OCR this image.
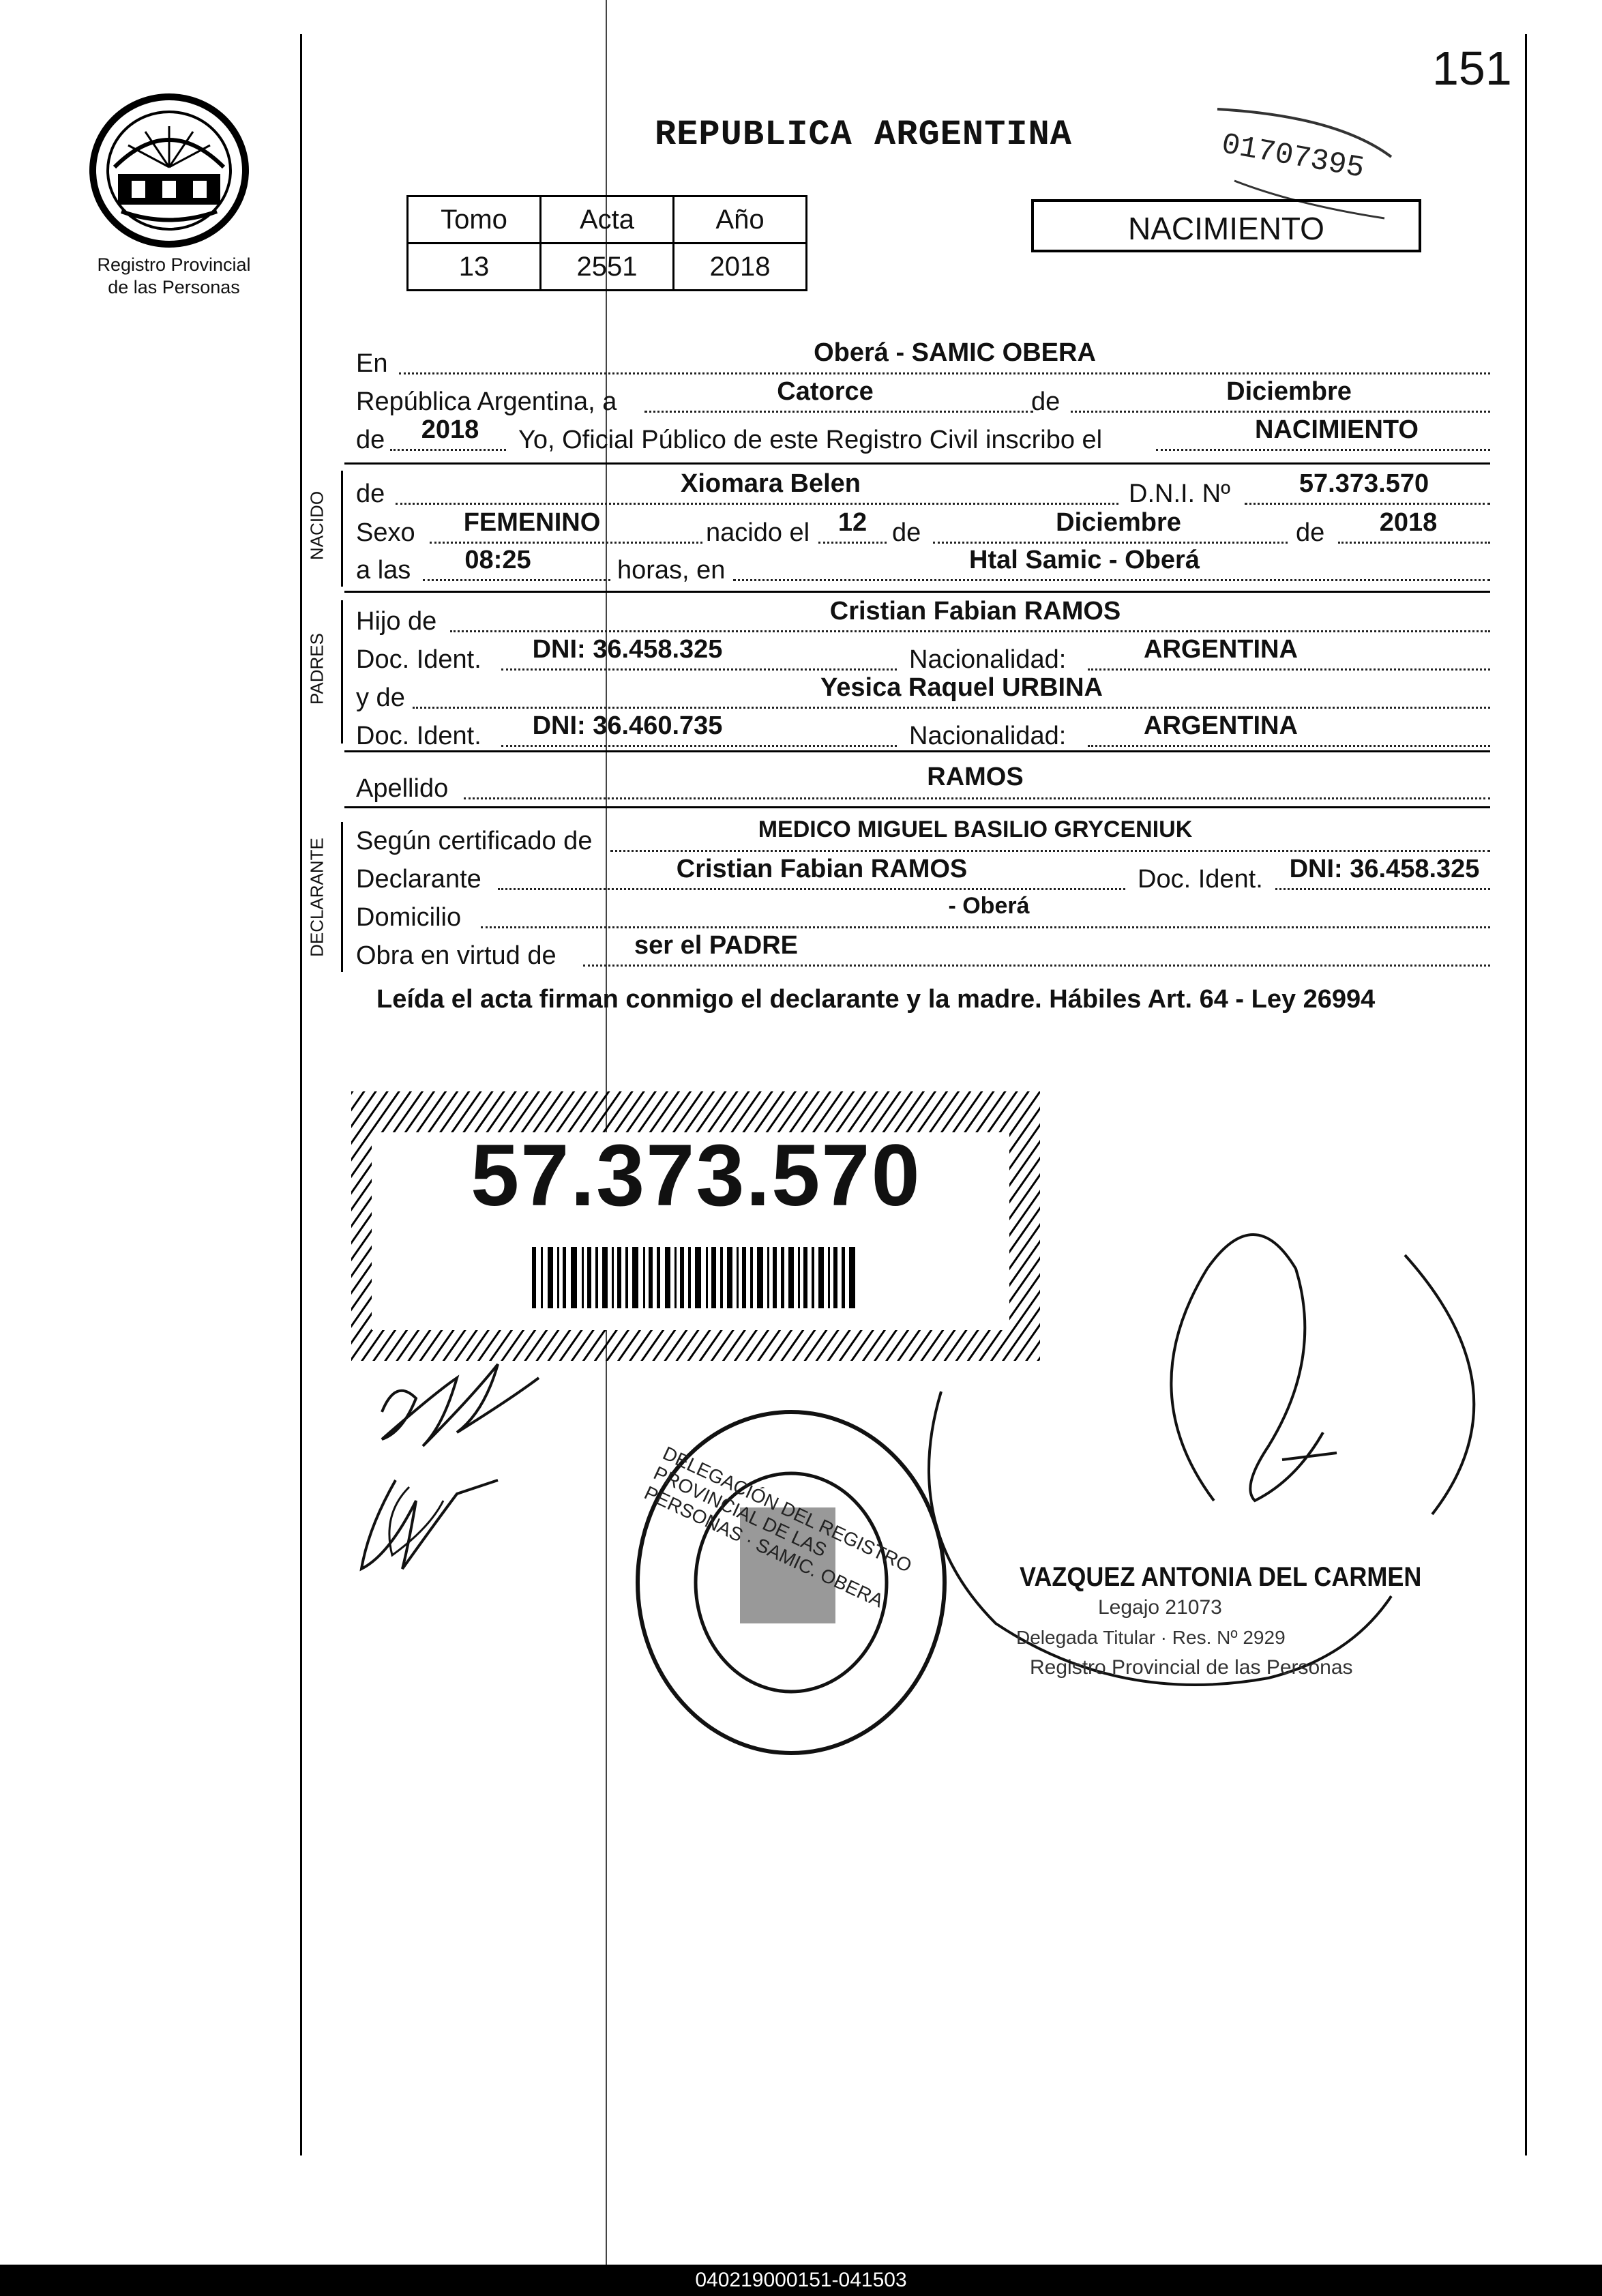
151
Registro Provincial
de las Personas
REPUBLICA ARGENTINA	01707395
Tomo	Acta	Año
13	2551	2018
NACIMIENTO
En	Oberá - SAMIC OBERA
República Argentina, a	Catorce	de	Diciembre
de	2018	Yo, Oficial Público de este Registro Civil inscribo el	NACIMIENTO
NACIDO de	Xiomara Belen	D.N.I. Nº	57.373.570
Sexo	FEMENINO	nacido el	12 de	Diciembre	de	2018
a las	08:25	horas, en	Htal Samic - Oberá
PADRES
Hijo de	Cristian Fabian RAMOS
Doc. Ident.	DNI: 36.458.325	Nacionalidad:	ARGENTINA
y de	Yesica Raquel URBINA
Doc. Ident.	DNI: 36.460.735	Nacionalidad:	ARGENTINA
Apellido	RAMOS
DECLARANTE Según certificado de	MEDICO MIGUEL BASILIO GRYCENIUK
Declarante	Cristian Fabian RAMOS	Doc. Ident.	DNI: 36.458.325
Domicilio	- Oberá
Obra en virtud de	ser el PADRE
Leída el acta firman conmigo el declarante y la madre. Hábiles Art. 64 - Ley 26994
57.373.570
DELEGACIÓN DEL REGISTRO PROVINCIAL DE LAS PERSONAS · SAMIC. OBERA	VAZQUEZ ANTONIA DEL CARMEN
Legajo 21073
Delegada Titular · Res. Nº 2929
Registro Provincial de las Personas
040219000151-041503
